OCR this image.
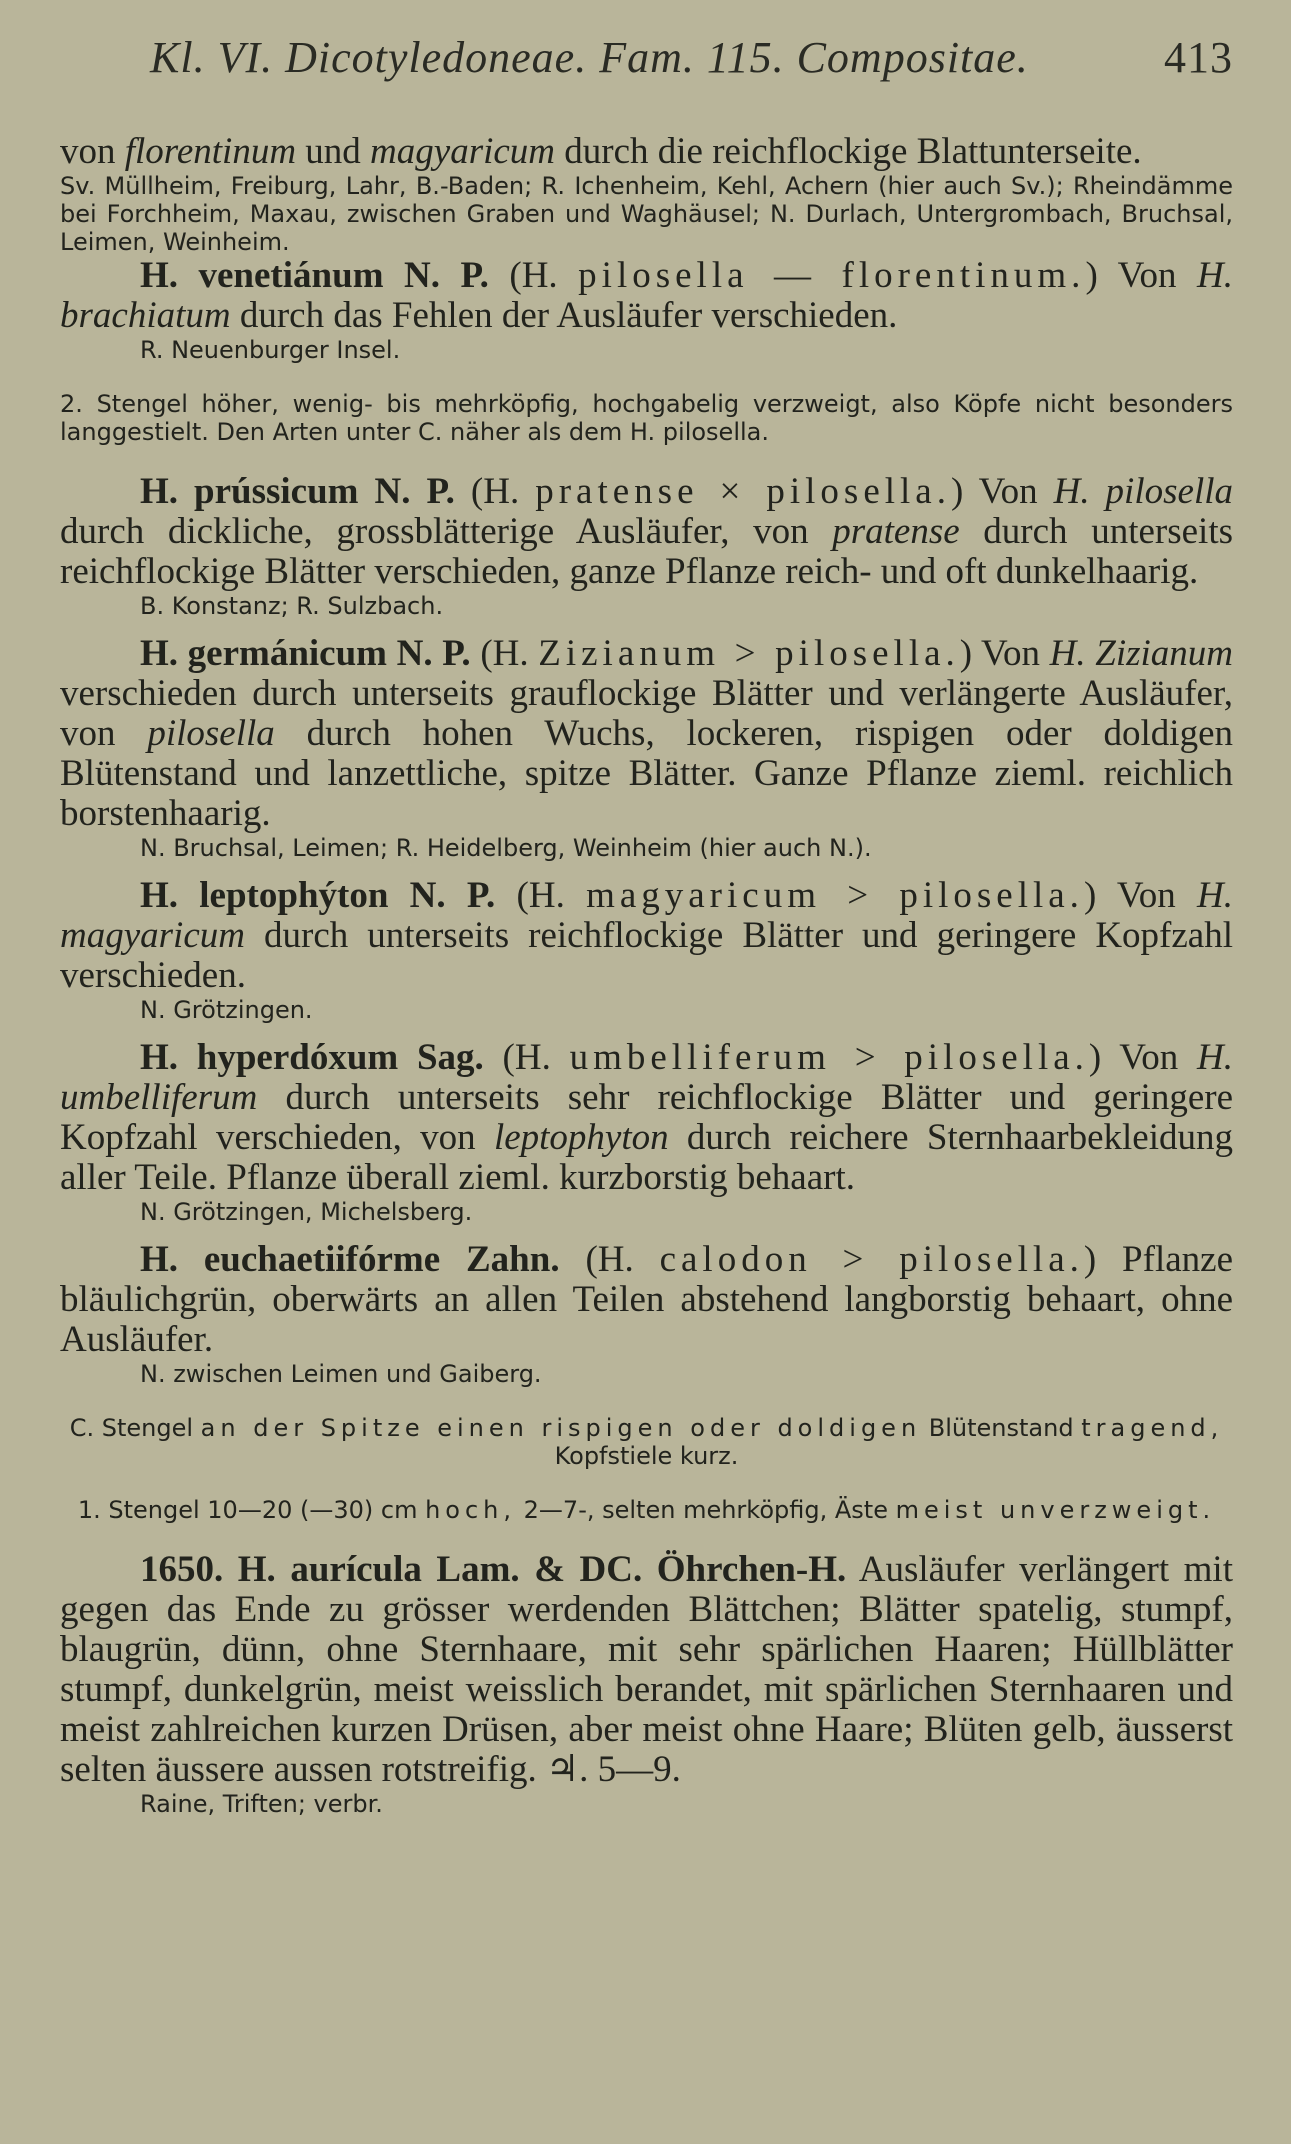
Kl. VI. Dicotyledoneae. Fam. 115. Compositae.	413

von florentinum und magyaricum durch die reichflockige Blattunterseite.

Sv. Müllheim, Freiburg, Lahr, B.-Baden; R. Ichenheim, Kehl, Achern (hier auch Sv.); Rheindämme bei Forchheim, Maxau, zwischen Graben und Waghäusel; N. Durlach, Untergrombach, Bruchsal, Leimen, Weinheim.

H. venetiánum N. P. (H. pilosella — florentinum.) Von H. brachiatum durch das Fehlen der Ausläufer verschieden.

R. Neuenburger Insel.

2. Stengel höher, wenig- bis mehrköpfig, hochgabelig verzweigt, also Köpfe nicht besonders langgestielt. Den Arten unter C. näher als dem H. pilosella.

H. prússicum N. P. (H. pratense × pilosella.) Von H. pilosella durch dickliche, grossblätterige Ausläufer, von pratense durch unterseits reichflockige Blätter verschieden, ganze Pflanze reich- und oft dunkelhaarig.

B. Konstanz; R. Sulzbach.

H. germánicum N. P. (H. Zizianum > pilosella.) Von H. Zizianum verschieden durch unterseits grauflockige Blätter und verlängerte Ausläufer, von pilosella durch hohen Wuchs, lockeren, rispigen oder doldigen Blütenstand und lanzettliche, spitze Blätter. Ganze Pflanze zieml. reichlich borstenhaarig.

N. Bruchsal, Leimen; R. Heidelberg, Weinheim (hier auch N.).

H. leptophýton N. P. (H. magyaricum > pilosella.) Von H. magyaricum durch unterseits reichflockige Blätter und geringere Kopfzahl verschieden.

N. Grötzingen.

H. hyperdóxum Sag. (H. umbelliferum > pilosella.) Von H. umbelliferum durch unterseits sehr reichflockige Blätter und geringere Kopfzahl verschieden, von leptophyton durch reichere Sternhaarbekleidung aller Teile. Pflanze überall zieml. kurzborstig behaart.

N. Grötzingen, Michelsberg.

H. euchaetiifórme Zahn. (H. calodon > pilosella.) Pflanze bläulichgrün, oberwärts an allen Teilen abstehend langborstig behaart, ohne Ausläufer.

N. zwischen Leimen und Gaiberg.

C. Stengel an der Spitze einen rispigen oder doldigen Blütenstand tragend, Kopfstiele kurz.

1. Stengel 10—20 (—30) cm hoch, 2—7-, selten mehrköpfig, Äste meist unverzweigt.

1650. H. aurícula Lam. & DC. Öhrchen-H. Ausläufer verlängert mit gegen das Ende zu grösser werdenden Blättchen; Blätter spatelig, stumpf, blaugrün, dünn, ohne Sternhaare, mit sehr spärlichen Haaren; Hüllblätter stumpf, dunkelgrün, meist weisslich berandet, mit spärlichen Sternhaaren und meist zahlreichen kurzen Drüsen, aber meist ohne Haare; Blüten gelb, äusserst selten äussere aussen rotstreifig. ♃. 5—9.

Raine, Triften; verbr.
